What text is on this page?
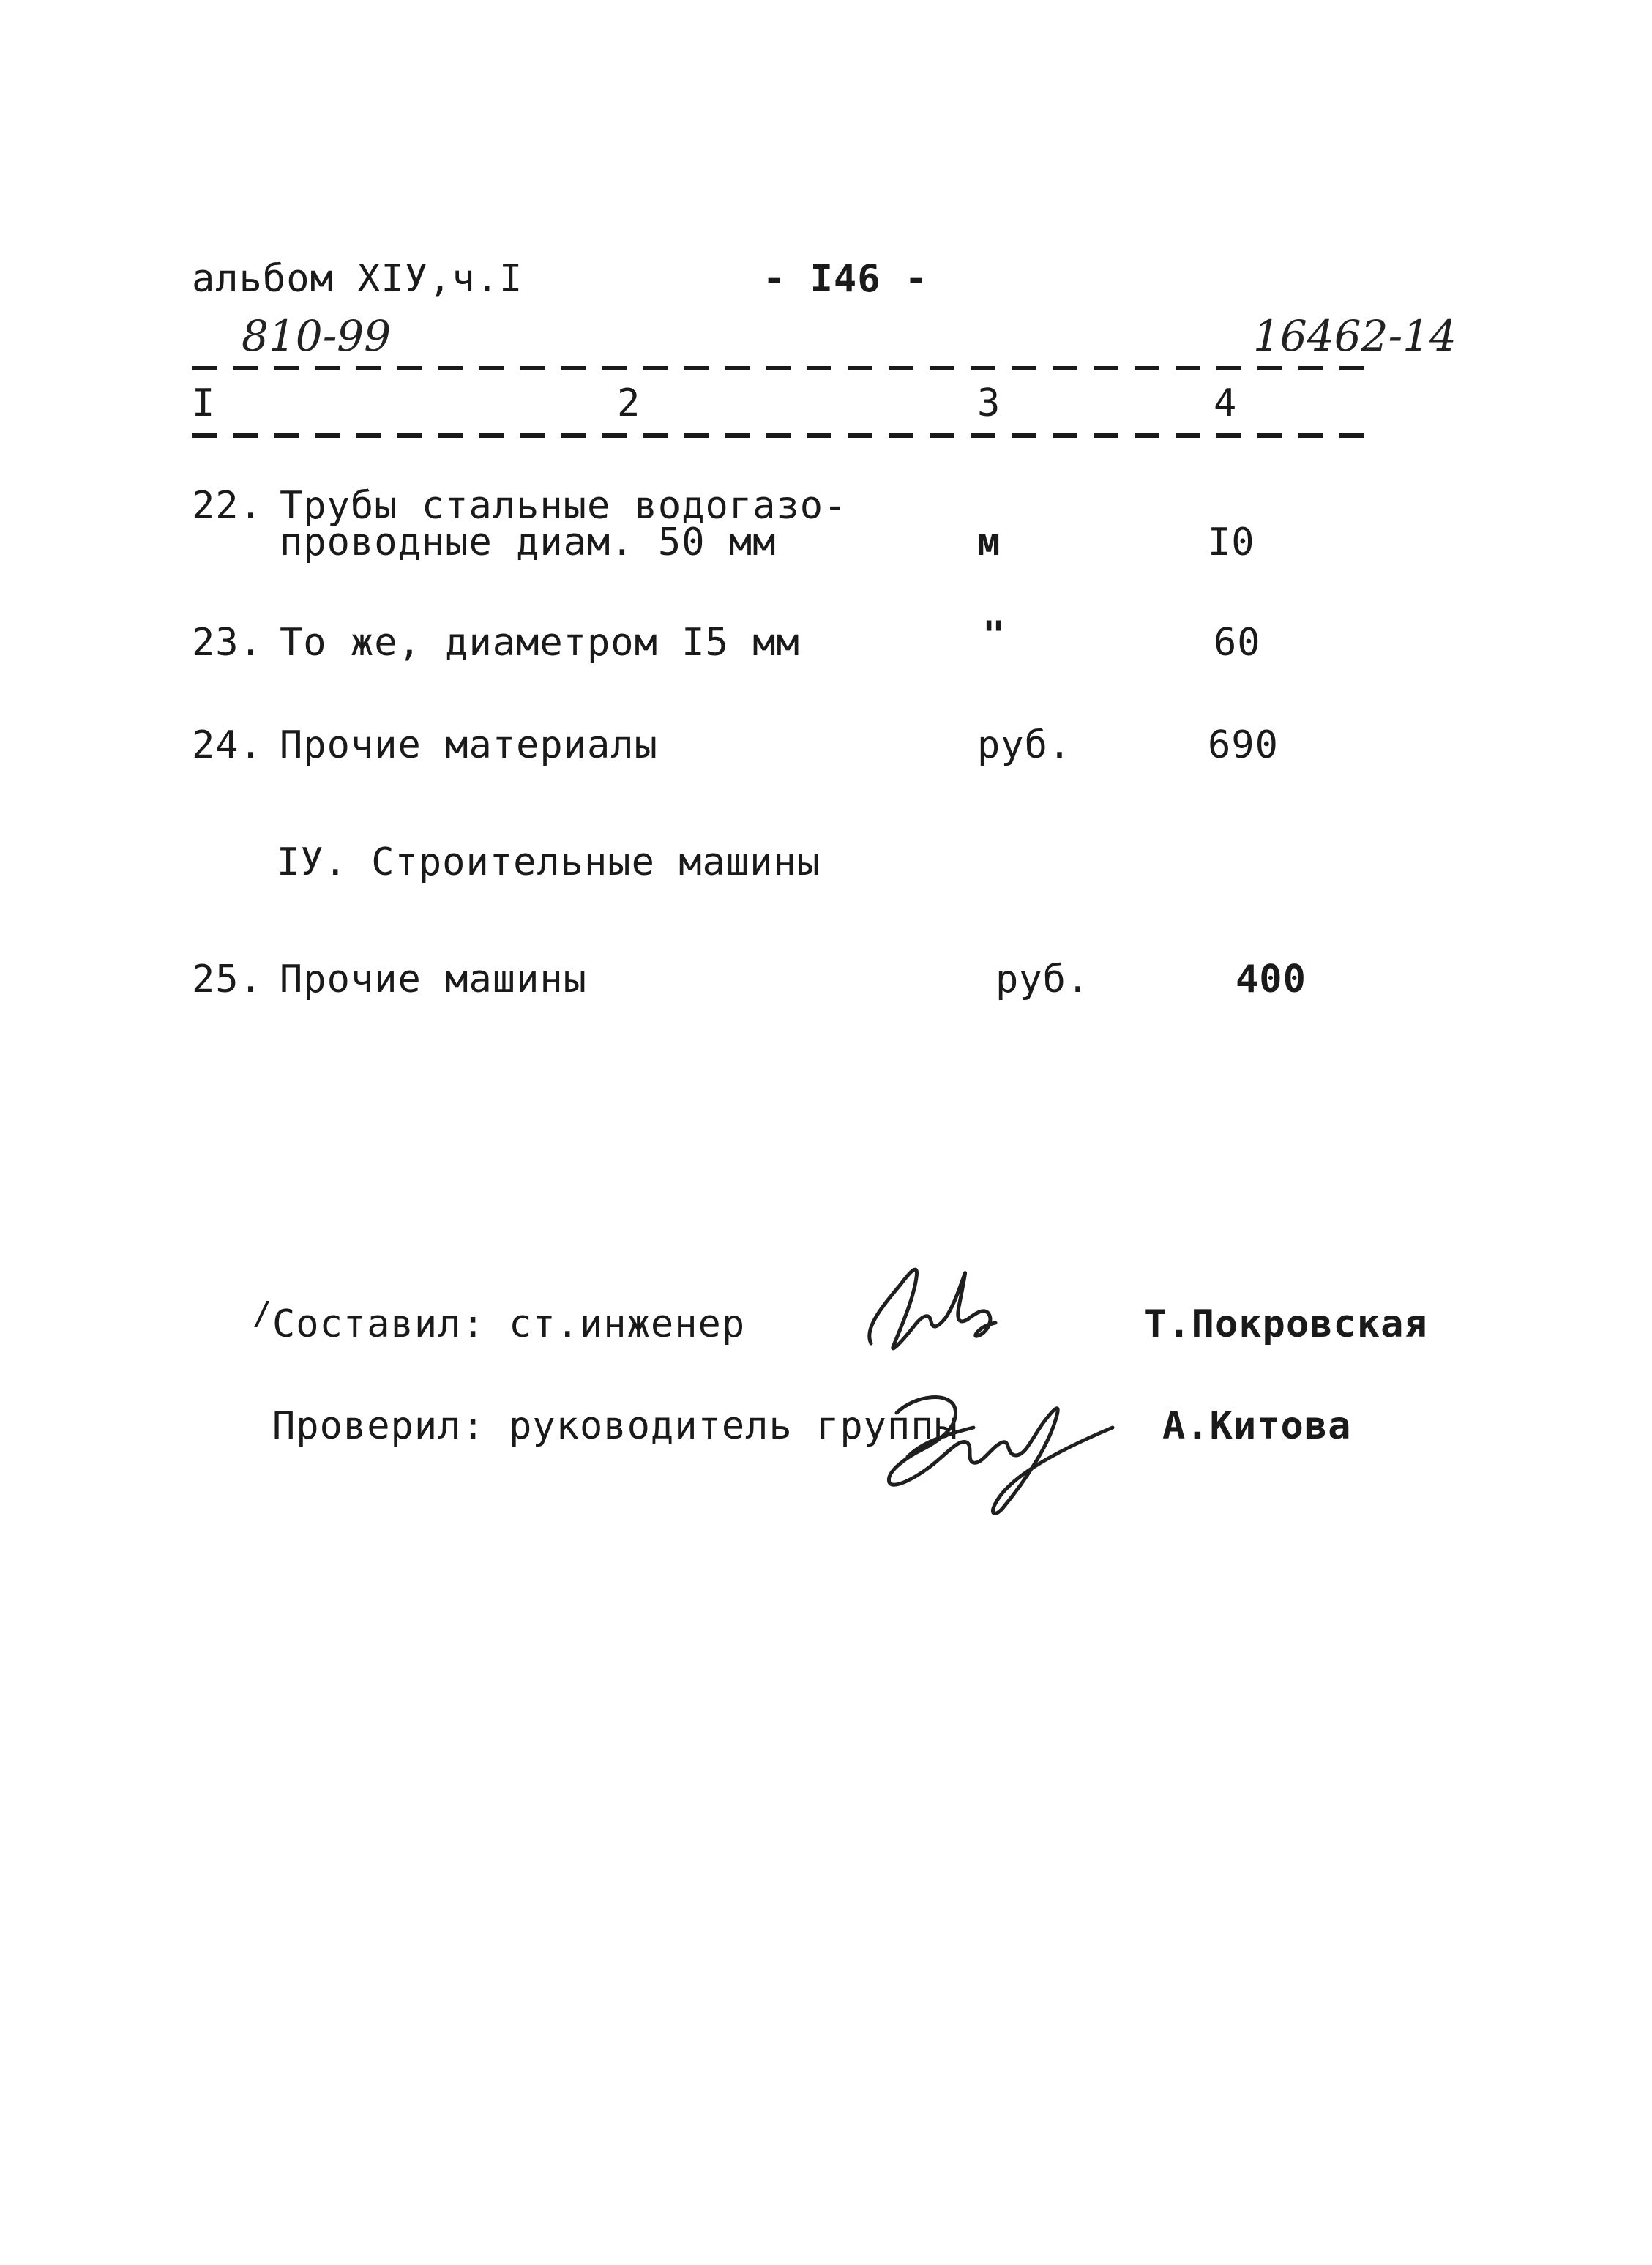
альбом XIУ,ч.I	- I46 -
810-99	16462-14
I	2	3	4
22. Трубы стальные водогазо-
проводные диам. 50 мм	м	I0
23. То же, диаметром I5 мм	"	60
24. Прочие материалы	руб.	690
IУ. Строительные машины
25. Прочие машины	руб.	400
/ Составил: ст.инженер	Т.Покровская
Проверил: руководитель группы	А.Китова
